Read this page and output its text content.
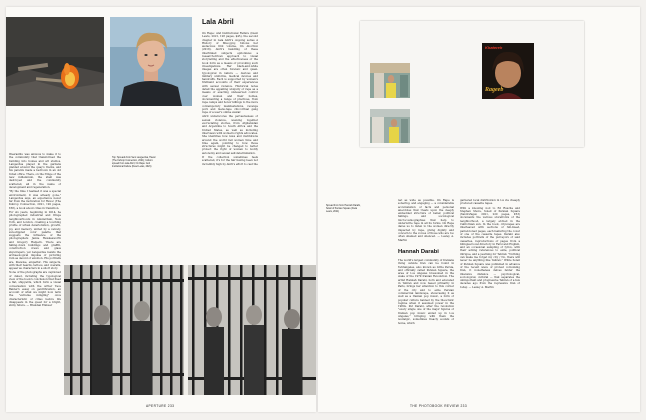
Lala Abril

Weerasthu was anxious to make it to the community that transformed the building into homes and art studios. Langevdsa played in the gardens planted around the quay's tracks, and his parents made a bedroom in an old ticket office. There, on the fringe of the new millennium, the shell was destroyed and the community scattered, all in the name of development and regeneration.

"By the time I realised it was a special environment, it was already gone," Langevdsa says, an experience never far from the motivation for Havoc (The Kubrop Connection, 2021, 192 pages, £38), a book about cities in transition.

For six years, beginning in 2014, he photographed industrial and fringe neighbourhoods in Amsterdam, New York, and London, creating a touching profile of urban deterioration, growth, joy, and memory, united by a velvety, sun-stippled color palette that suggests the influence of the photographers Jamie Hawkesworth and Gregory Halpern. There are falling-down buildings and graffiti, construction crews and glass skyscrapers, yet Langevdsa resists the archaeological impulse of picturing ruin as devoid of emotion. His portraits are, likewise, empathic. His subjects, with their beards, tattoos, and overalls, appear as characters in a short story.

None of the photographs are captioned or dated, including the typological view of the book's conclusion that fixed a flat, shipyards, which form a visual conversation with the writer Tace Balder's essay on gentrification, an account of what we might now term the "extreme mingling" once characteristic of cities before life disappears in the quest for a bright, shiny future. — Brendan Embser

Top: Spreads from Sem Langevdsa, Havoc (The Kubrop Connection, 2021); bottom: spread from Lala Abril, On Rape: And Institutional Failure (Dewi Lewis, 2021)

On Rape: And Institutional Failure (Dewi Lewis, 2021, 128 pages, $45), the second chapter in Lala Abril's ongoing series A History of Misogyny, follows her audacious first volume, On Abortion (2018). Abril's handling of these interlinked subjects epitomizes a research-driven approach to visual storytelling and the effectiveness of the book form as a means of provoking such investigations. Her black-and-white images are often forensic and quasi-typological in nature — devices and military uniforms, medical devices and handcuffs. Each is supported by women's firsthand accounts of their experiences with sexual violence. Historical notes detail the appalling ubiquity of rape as a means of exacting undeserved control over women and their bodies, documenting a range of practices, from rape camps and honor killings to the more contemporary manifestations, revenge porn and mens-rape chic-virtual gang rape of a user's online avatar.

Abril underscores the pervasiveness of sexual violence, weaving together excruciating stories, from Afghanistan and Argentina to South Africa and the United States, as well as including interviews with women's rights advocates. She identifies how laws and institutions around the world fail women time and time again, pointing to how those structures might be changed to better protect the right of women to bodily autonomy and sexual self-determination.

If the collection sometimes feels scattered, it's for the fair having been not incredibly high by Abril's effort to cast the

APERTURE 233
Khatereh
Rageeb
Spread from from Hannah Darabi, Soleil of Persian Square (Dewi Lewis, 2021)

net as wide as possible. On Rape is sobering, and engaging — a considerable accumulation of facts and personal anecdotes that treats upon the deeply embedded structure of belief, political failings, and sociological microcosmographies that help to underwrite rape in all its forms. On Rape dares us to listen to the women directly impacted by rape, giving dignity and concern to the voices of those who are too often shamed and silenced. — Lesley A. Martin

Hannah Darabi

The world's largest community of Iranians living outside Iran can be found in Tehrangeles, also known as Little Persia, and officially called Persian Square, the area of Los Angeles blossomed in the wake of the 1979 Iranian Revolution. The artist Hannah Darabi, born and educated in Tehran and now based primarily in Paris, brings her attention to this corner of the city and to exile Persian commercial landscape, showcasing it as well as a Iranian pop music, a form of popular culture banned by the theocratic regime when it assumed power in the 1980s. Per Darabi, after the revolution "every single one of the major figures of Iranian pop music ended up in Los Angeles," bringing with them the nostalgic, sometimes treacly sounds of home, which

garnered local distribution in LA via cheaply produced cassette tapes.

With a knowing nod to Ed Ruscha and Stephen Shore, Soleil of Persian Square (Xavin'Zagal, 2021, 220 pages, €33) documents the various storefronts of the neighborhood, a largely etched in the Californian sun. In the book, cityscapes are interleaved with sections of full-bleed, paired-toned pages, each featuring the cover of one of the cassette tapes. Darabi also includes portraits of the purveyors of said cassettes, reproductions of pages from a bilingual local directory in Farsi and English, and an occasional sampling of lyrics, with their aching references to exile, political intrigue, and a yearning for Tehran: "Nothing can make me forget my city / No, there will never be anything like Tehran." While Soleil of Persian Square was published in advance of the recent wave of protest convulsing Iran, it nonetheless delves fenter the intensive distance — psychological, sociological, cultural — that separates the unimportant and progressive Tehran of a few decades ago from the repressive Iran of today. — Lesley A. Martin

THE PHOTOBOOK REVIEW 233
